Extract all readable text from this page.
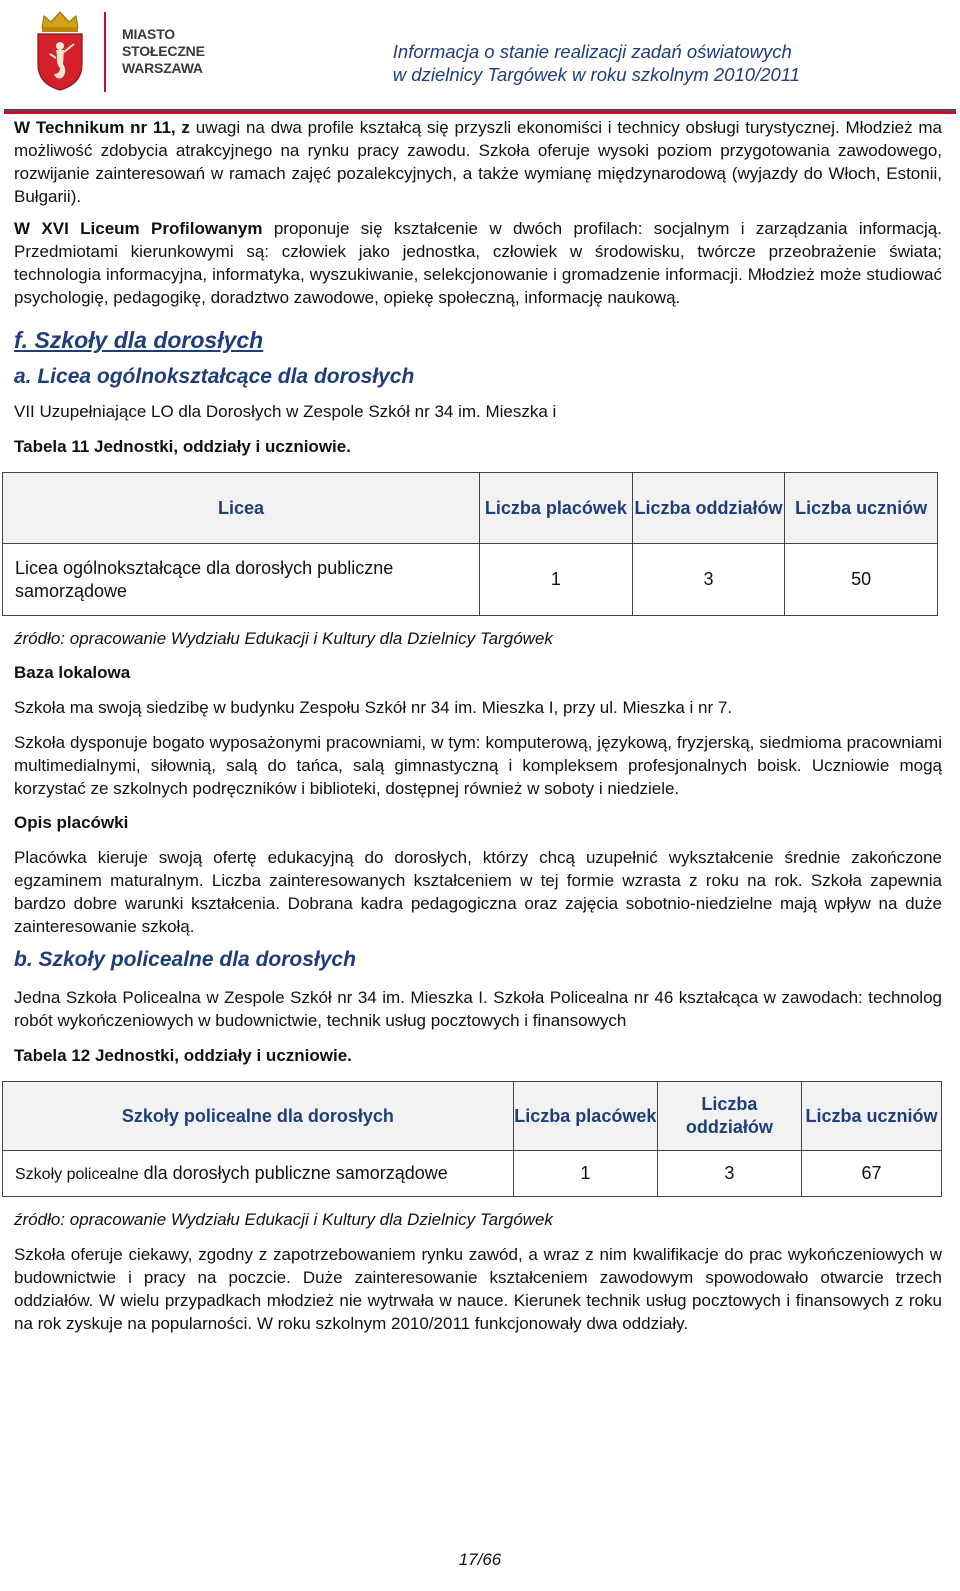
MIASTO
STOŁECZNE
WARSZAWA
Informacja o stanie realizacji zadań oświatowych
w dzielnicy Targówek w roku szkolnym 2010/2011

W Technikum nr 11, z uwagi na dwa profile kształcą się przyszli ekonomiści i technicy obsługi turystycznej. Młodzież ma możliwość zdobycia atrakcyjnego na rynku pracy zawodu. Szkoła oferuje wysoki poziom przygotowania zawodowego, rozwijanie zainteresowań w ramach zajęć pozalekcyjnych, a także wymianę międzynarodową (wyjazdy do Włoch, Estonii, Bułgarii).

W XVI Liceum Profilowanym proponuje się kształcenie w dwóch profilach: socjalnym i zarządzania informacją. Przedmiotami kierunkowymi są: człowiek jako jednostka, człowiek w środowisku, twórcze przeobrażenie świata; technologia informacyjna, informatyka, wyszukiwanie, selekcjonowanie i gromadzenie informacji. Młodzież może studiować psychologię, pedagogikę, doradztwo zawodowe, opiekę społeczną, informację naukową.

f. Szkoły dla dorosłych
a. Licea ogólnokształcące dla dorosłych
VII Uzupełniające LO dla Dorosłych w Zespole Szkół nr 34 im. Mieszka i
Tabela 11 Jednostki, oddziały i uczniowie.
Licea	Liczba placówek	Liczba oddziałów	Liczba uczniów
Licea ogólnokształcące dla dorosłych publiczne samorządowe	1	3	50
źródło: opracowanie Wydziału Edukacji i Kultury dla Dzielnicy Targówek
Baza lokalowa

Szkoła ma swoją siedzibę w budynku Zespołu Szkół nr 34 im. Mieszka I, przy ul. Mieszka i nr 7.

Szkoła dysponuje bogato wyposażonymi pracowniami, w tym: komputerową, językową, fryzjerską, siedmioma pracowniami multimedialnymi, siłownią, salą do tańca, salą gimnastyczną i kompleksem profesjonalnych boisk. Uczniowie mogą korzystać ze szkolnych podręczników i biblioteki, dostępnej również w soboty i niedziele.

Opis placówki

Placówka kieruje swoją ofertę edukacyjną do dorosłych, którzy chcą uzupełnić wykształcenie średnie zakończone egzaminem maturalnym. Liczba zainteresowanych kształceniem w tej formie wzrasta z roku na rok. Szkoła zapewnia bardzo dobre warunki kształcenia. Dobrana kadra pedagogiczna oraz zajęcia sobotnio-niedzielne mają wpływ na duże zainteresowanie szkołą.

b. Szkoły policealne dla dorosłych

Jedna Szkoła Policealna w Zespole Szkół nr 34 im. Mieszka I. Szkoła Policealna nr 46 kształcąca w zawodach: technolog robót wykończeniowych w budownictwie, technik usług pocztowych i finansowych

Tabela 12 Jednostki, oddziały i uczniowie.
Szkoły policealne dla dorosłych	Liczba placówek	Liczba oddziałów	Liczba uczniów
Szkoły policealne dla dorosłych publiczne samorządowe	1	3	67
źródło: opracowanie Wydziału Edukacji i Kultury dla Dzielnicy Targówek

Szkoła oferuje ciekawy, zgodny z zapotrzebowaniem rynku zawód, a wraz z nim kwalifikacje do prac wykończeniowych w budownictwie i pracy na poczcie. Duże zainteresowanie kształceniem zawodowym spowodowało otwarcie trzech oddziałów. W wielu przypadkach młodzież nie wytrwała w nauce. Kierunek technik usług pocztowych i finansowych z roku na rok zyskuje na popularności. W roku szkolnym 2010/2011 funkcjonowały dwa oddziały.

17/66
